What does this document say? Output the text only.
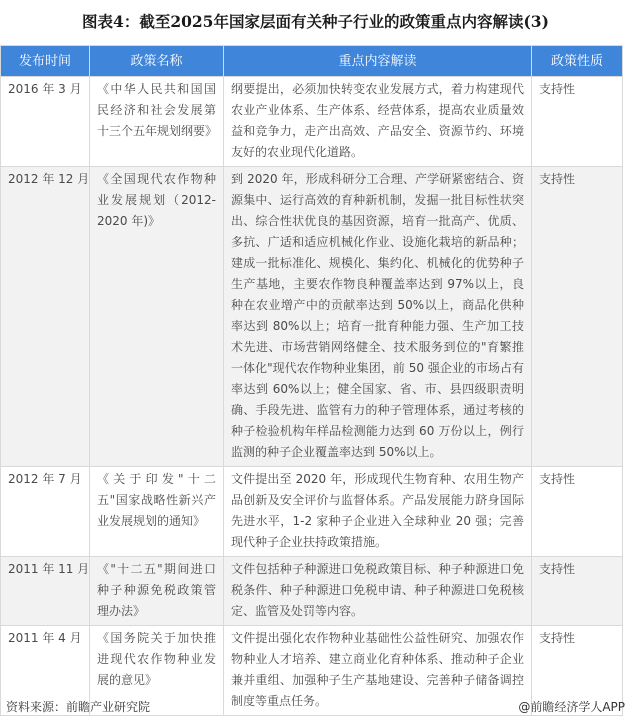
图表4：截至2025年国家层面有关种子行业的政策重点内容解读(3)
发布时间	政策名称	重点内容解读	政策性质
2016 年 3 月	《中华人民共和国国民经济和社会发展第十三个五年规划纲要》	纲要提出，必须加快转变农业发展方式，着力构建现代农业产业体系、生产体系、经营体系，提高农业质量效益和竞争力，走产出高效、产品安全、资源节约、环境友好的农业现代化道路。	支持性
2012 年 12 月	《全国现代农作物种业发展规划（2012-2020 年)》	到 2020 年，形成科研分工合理、产学研紧密结合、资源集中、运行高效的育种新机制，发掘一批目标性状突出、综合性状优良的基因资源，培育一批高产、优质、多抗、广适和适应机械化作业、设施化栽培的新品种；建成一批标准化、规模化、集约化、机械化的优势种子生产基地，主要农作物良种覆盖率达到 97%以上，良种在农业增产中的贡献率达到 50%以上，商品化供种率达到 80%以上；培育一批育种能力强、生产加工技术先进、市场营销网络健全、技术服务到位的"育繁推一体化"现代农作物种业集团，前 50 强企业的市场占有率达到 60%以上；健全国家、省、市、县四级职责明确、手段先进、监管有力的种子管理体系，通过考核的种子检验机构年样品检测能力达到 60 万份以上，例行监测的种子企业覆盖率达到 50%以上。	支持性
2012 年 7 月	《关于印发"十二五"国家战略性新兴产业发展规划的通知》	文件提出至 2020 年，形成现代生物育种、农用生物产品创新及安全评价与监督体系。产品发展能力跻身国际先进水平，1-2 家种子企业进入全球种业 20 强；完善现代种子企业扶持政策措施。	支持性
2011 年 11 月	《"十二五"期间进口种子种源免税政策管理办法》	文件包括种子种源进口免税政策目标、种子种源进口免税条件、种子种源进口免税申请、种子种源进口免税核定、监管及处罚等内容。	支持性
2011 年 4 月	《国务院关于加快推进现代农作物种业发展的意见》	文件提出强化农作物种业基础性公益性研究、加强农作物种业人才培养、建立商业化育种体系、推动种子企业兼并重组、加强种子生产基地建设、完善种子储备调控制度等重点任务。	支持性
资料来源：前瞻产业研究院	@前瞻经济学人APP
